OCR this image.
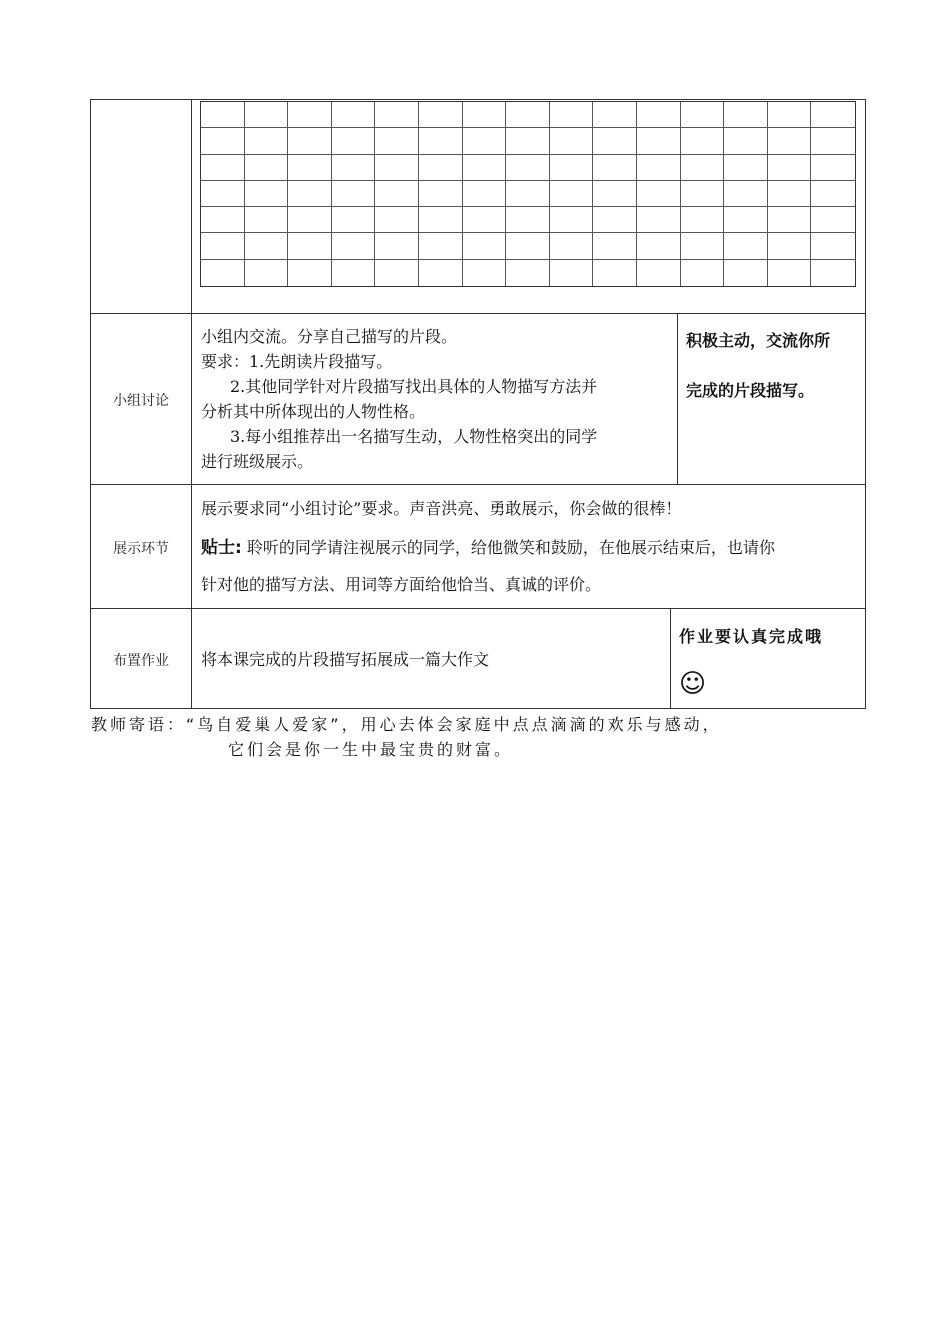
小组讨论
小组内交流。分享自己描写的片段。
要求：1.先朗读片段描写。
2.其他同学针对片段描写找出具体的人物描写方法并
分析其中所体现出的人物性格。
3.每小组推荐出一名描写生动，人物性格突出的同学
进行班级展示。
积极主动，交流你所
完成的片段描写。
展示环节
展示要求同“小组讨论”要求。声音洪亮、勇敢展示，你会做的很棒！
贴士: 聆听的同学请注视展示的同学，给他微笑和鼓励，在他展示结束后，也请你
针对他的描写方法、用词等方面给他恰当、真诚的评价。
布置作业	将本课完成的片段描写拓展成一篇大作文
作业要认真完成哦
☺
教师寄语：“鸟自爱巢人爱家”，用心去体会家庭中点点滴滴的欢乐与感动，
它们会是你一生中最宝贵的财富。
